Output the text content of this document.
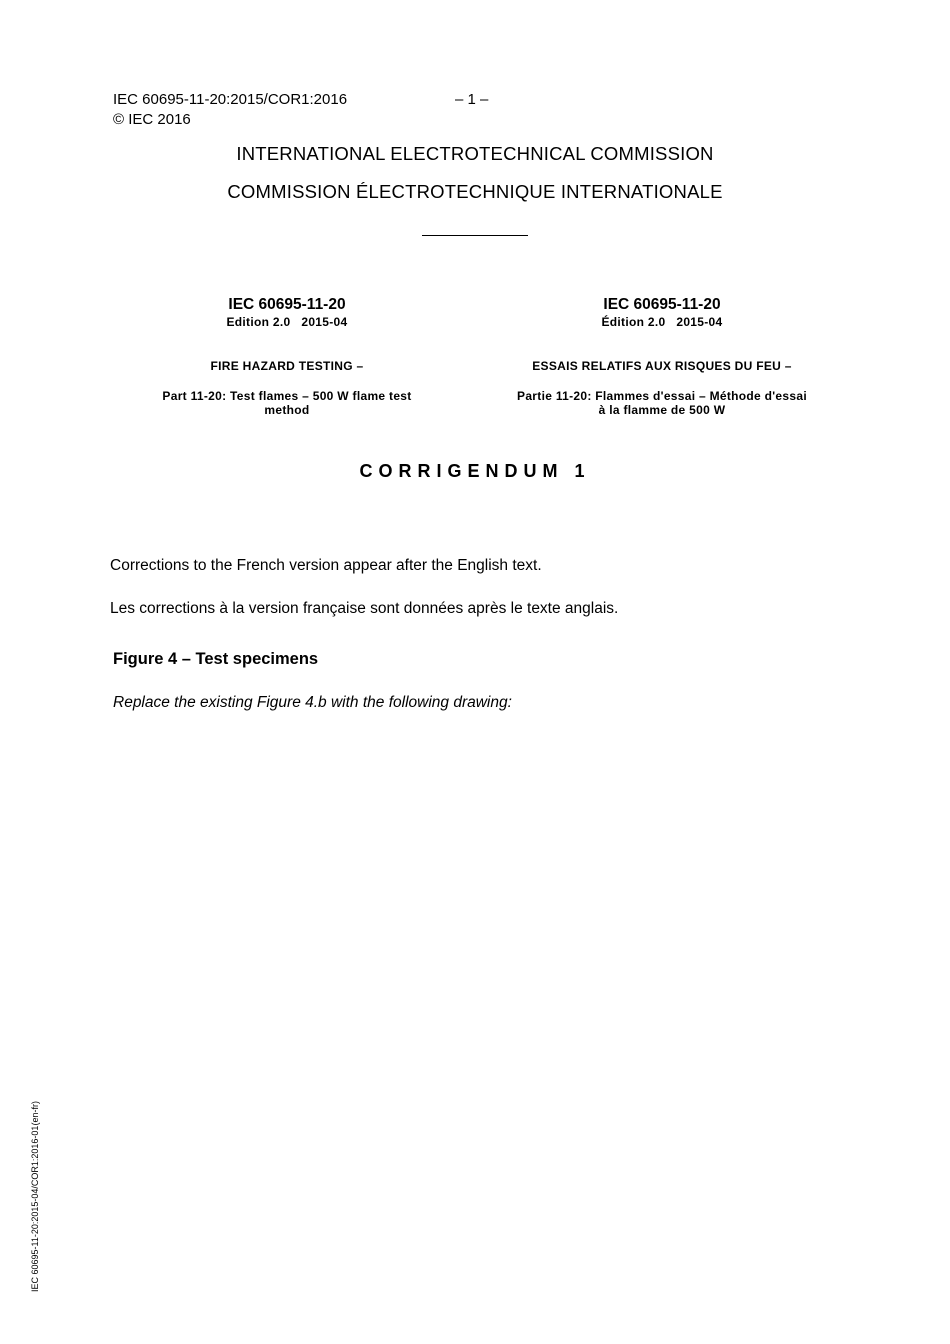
IEC 60695-11-20:2015/COR1:2016	– 1 –
© IEC 2016
INTERNATIONAL ELECTROTECHNICAL COMMISSION
COMMISSION ÉLECTROTECHNIQUE INTERNATIONALE
IEC 60695-11-20
Edition 2.0   2015-04
FIRE HAZARD TESTING –
Part 11-20: Test flames – 500 W flame test
method
IEC 60695-11-20
Édition 2.0   2015-04
ESSAIS RELATIFS AUX RISQUES DU FEU –
Partie 11-20: Flammes d'essai – Méthode d'essai
à la flamme de 500 W
CORRIGENDUM 1
Corrections to the French version appear after the English text.
Les corrections à la version française sont données après le texte anglais.
Figure 4 – Test specimens
Replace the existing Figure 4.b with the following drawing:
IEC 60695-11-20:2015-04/COR1:2016-01(en-fr)
